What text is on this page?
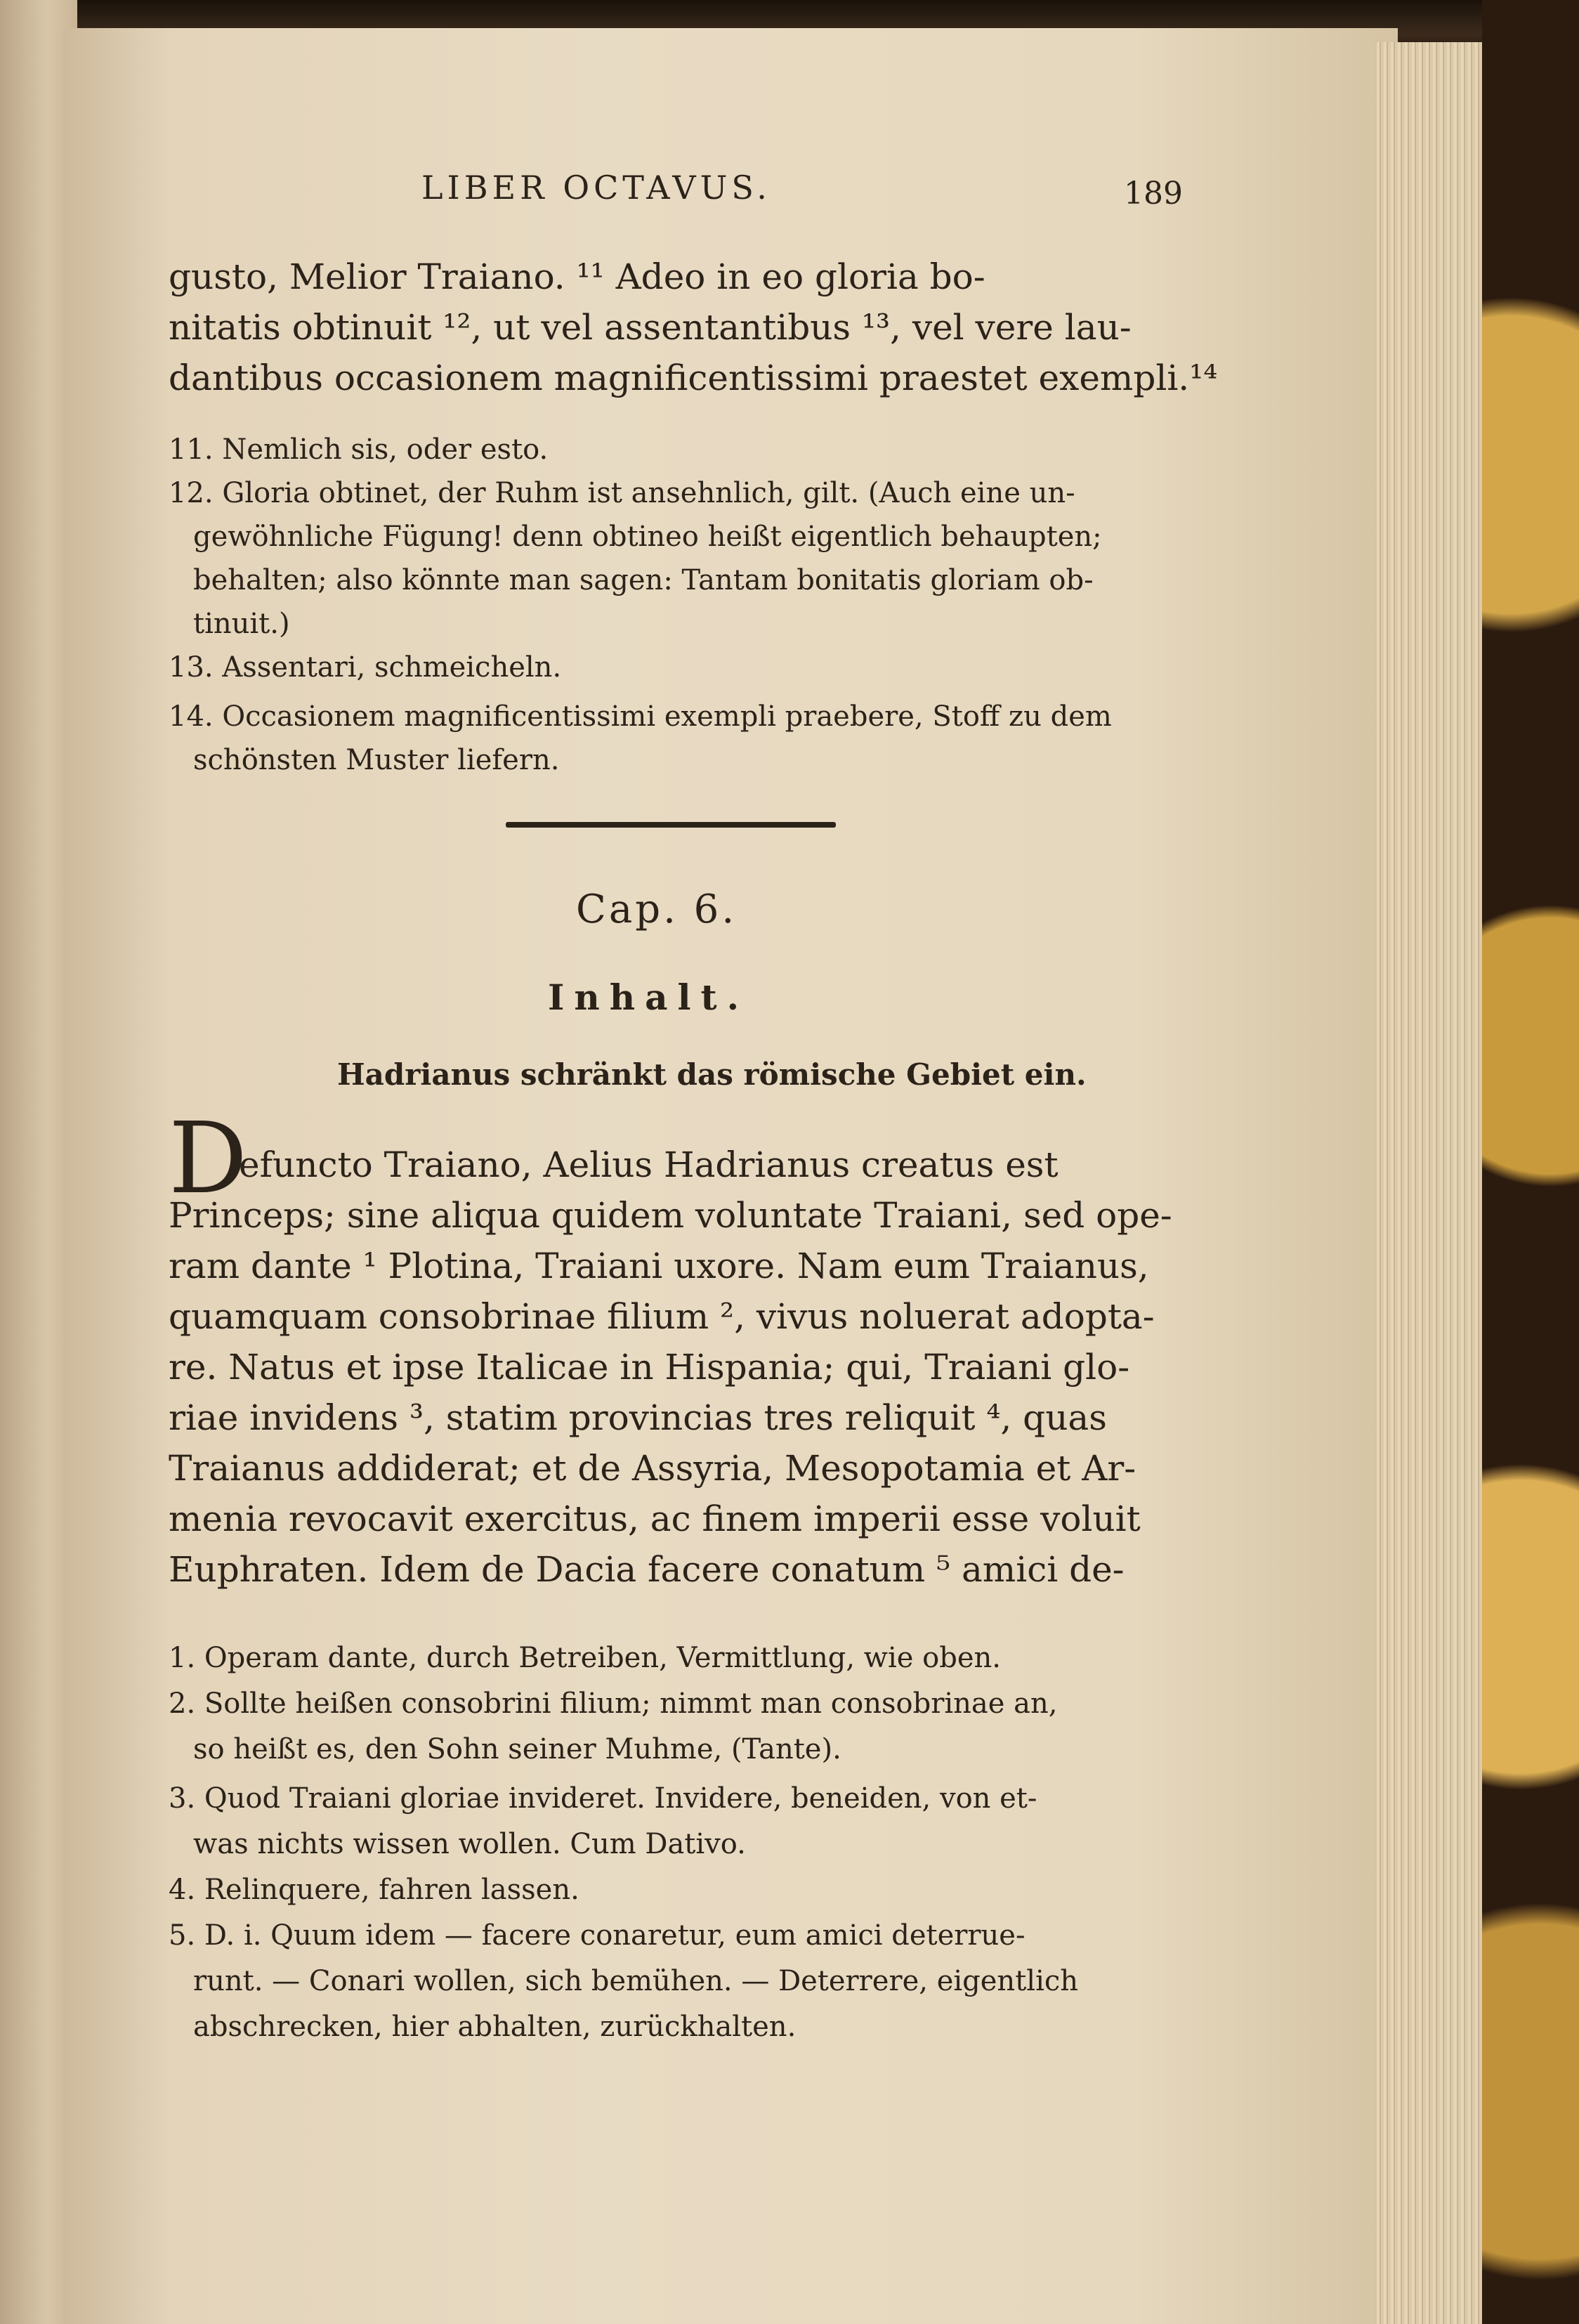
LIBER OCTAVUS.	189
gusto, Melior Traiano. ¹¹ Adeo in eo gloria bo-
nitatis obtinuit ¹², ut vel assentantibus ¹³, vel vere lau-
dantibus occasionem magnificentissimi praestet exempli.¹⁴
11. Nemlich sis, oder esto.
12. Gloria obtinet, der Ruhm ist ansehnlich, gilt. (Auch eine un-
gewöhnliche Fügung! denn obtineo heißt eigentlich behaupten;
behalten; also könnte man sagen: Tantam bonitatis gloriam ob-
tinuit.)
13. Assentari, schmeicheln.
14. Occasionem magnificentissimi exempli praebere, Stoff zu dem
schönsten Muster liefern.
Cap. 6.
Inhalt.
Hadrianus schränkt das römische Gebiet ein.
D
efuncto Traiano, Aelius Hadrianus creatus est
Princeps; sine aliqua quidem voluntate Traiani, sed ope-
ram dante ¹ Plotina, Traiani uxore. Nam eum Traianus,
quamquam consobrinae filium ², vivus noluerat adopta-
re. Natus et ipse Italicae in Hispania; qui, Traiani glo-
riae invidens ³, statim provincias tres reliquit ⁴, quas
Traianus addiderat; et de Assyria, Mesopotamia et Ar-
menia revocavit exercitus, ac finem imperii esse voluit
Euphraten. Idem de Dacia facere conatum ⁵ amici de-
1. Operam dante, durch Betreiben, Vermittlung, wie oben.
2. Sollte heißen consobrini filium; nimmt man consobrinae an,
so heißt es, den Sohn seiner Muhme, (Tante).
3. Quod Traiani gloriae invideret. Invidere, beneiden, von et-
was nichts wissen wollen. Cum Dativo.
4. Relinquere, fahren lassen.
5. D. i. Quum idem — facere conaretur, eum amici deterrue-
runt. — Conari wollen, sich bemühen. — Deterrere, eigentlich
abschrecken, hier abhalten, zurückhalten.
